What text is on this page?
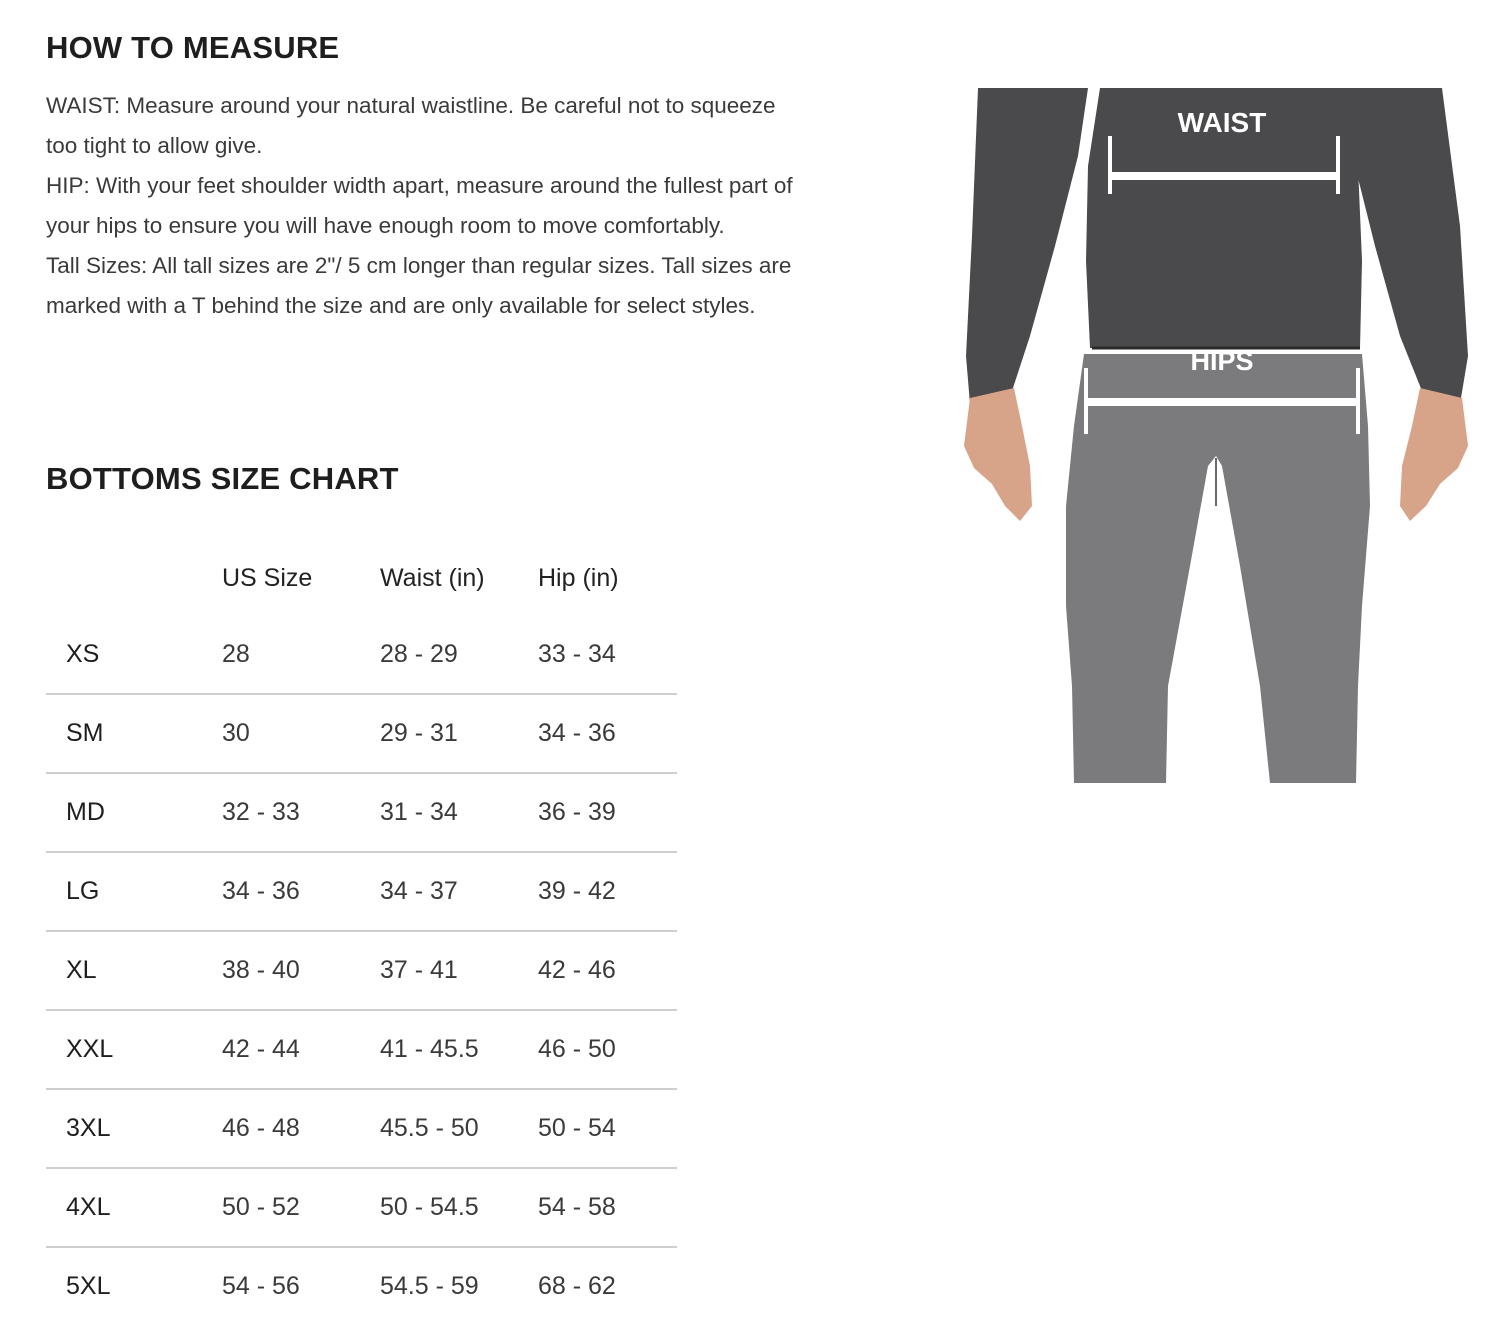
HOW TO MEASURE

WAIST: Measure around your natural waistline. Be careful not to squeeze too tight to allow give.

HIP: With your feet shoulder width apart, measure around the fullest part of your hips to ensure you will have enough room to move comfortably.

Tall Sizes: All tall sizes are 2"/ 5 cm longer than regular sizes. Tall sizes are marked with a T behind the size and are only available for select styles.

BOTTOMS SIZE CHART
	US Size	Waist (in)	Hip (in)
XS	28	28 - 29	33 - 34
SM	30	29 - 31	34 - 36
MD	32 - 33	31 - 34	36 - 39
LG	34 - 36	34 - 37	39 - 42
XL	38 - 40	37 - 41	42 - 46
XXL	42 - 44	41 - 45.5	46 - 50
3XL	46 - 48	45.5 - 50	50 - 54
4XL	50 - 52	50 - 54.5	54 - 58
5XL	54 - 56	54.5 - 59	68 - 62
WAIST
HIPS
